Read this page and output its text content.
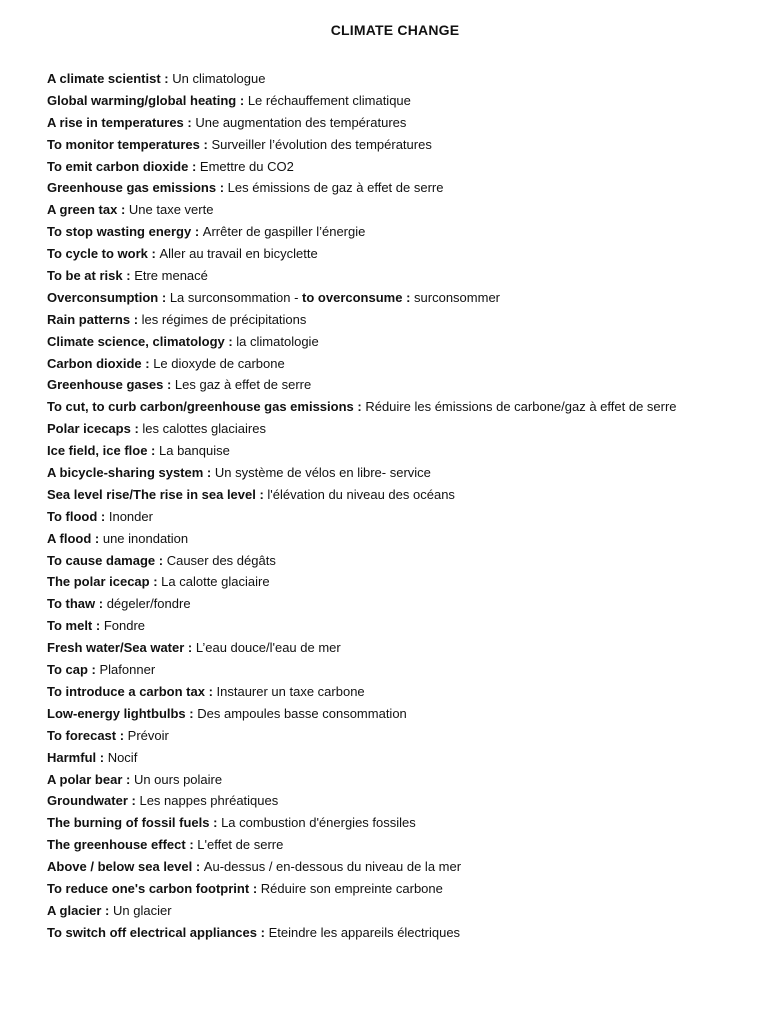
CLIMATE CHANGE
A climate scientist : Un climatologue
Global warming/global heating : Le réchauffement climatique
A rise in temperatures : Une augmentation des températures
To monitor temperatures : Surveiller l’évolution des températures
To emit carbon dioxide : Emettre du CO2
Greenhouse gas emissions : Les émissions de gaz à effet de serre
A green tax : Une taxe verte
To stop wasting energy : Arrêter de gaspiller l’énergie
To cycle to work : Aller au travail en bicyclette
To be at risk : Etre menacé
Overconsumption : La surconsommation - to overconsume : surconsommer
Rain patterns : les régimes de précipitations
Climate science, climatology : la climatologie
Carbon dioxide : Le dioxyde de carbone
Greenhouse gases : Les gaz à effet de serre
To cut, to curb carbon/greenhouse gas emissions : Réduire les émissions de carbone/gaz à effet de serre
Polar icecaps : les calottes glaciaires
Ice field, ice floe : La banquise
A bicycle-sharing system : Un système de vélos en libre- service
Sea level rise/The rise in sea level : l'élévation du niveau des océans
To flood : Inonder
A flood : une inondation
To cause damage : Causer des dégâts
The polar icecap : La calotte glaciaire
To thaw : dégeler/fondre
To melt : Fondre
Fresh water/Sea water : L’eau douce/l'eau de mer
To cap : Plafonner
To introduce a carbon tax : Instaurer un taxe carbone
Low-energy lightbulbs : Des ampoules basse consommation
To forecast : Prévoir
Harmful : Nocif
A polar bear : Un ours polaire
Groundwater : Les nappes phréatiques
The burning of fossil fuels : La combustion d'énergies fossiles
The greenhouse effect : L'effet de serre
Above / below sea level : Au-dessus / en-dessous du niveau de la mer
To reduce one's carbon footprint : Réduire son empreinte carbone
A glacier : Un glacier
To switch off electrical appliances : Eteindre les appareils électriques
